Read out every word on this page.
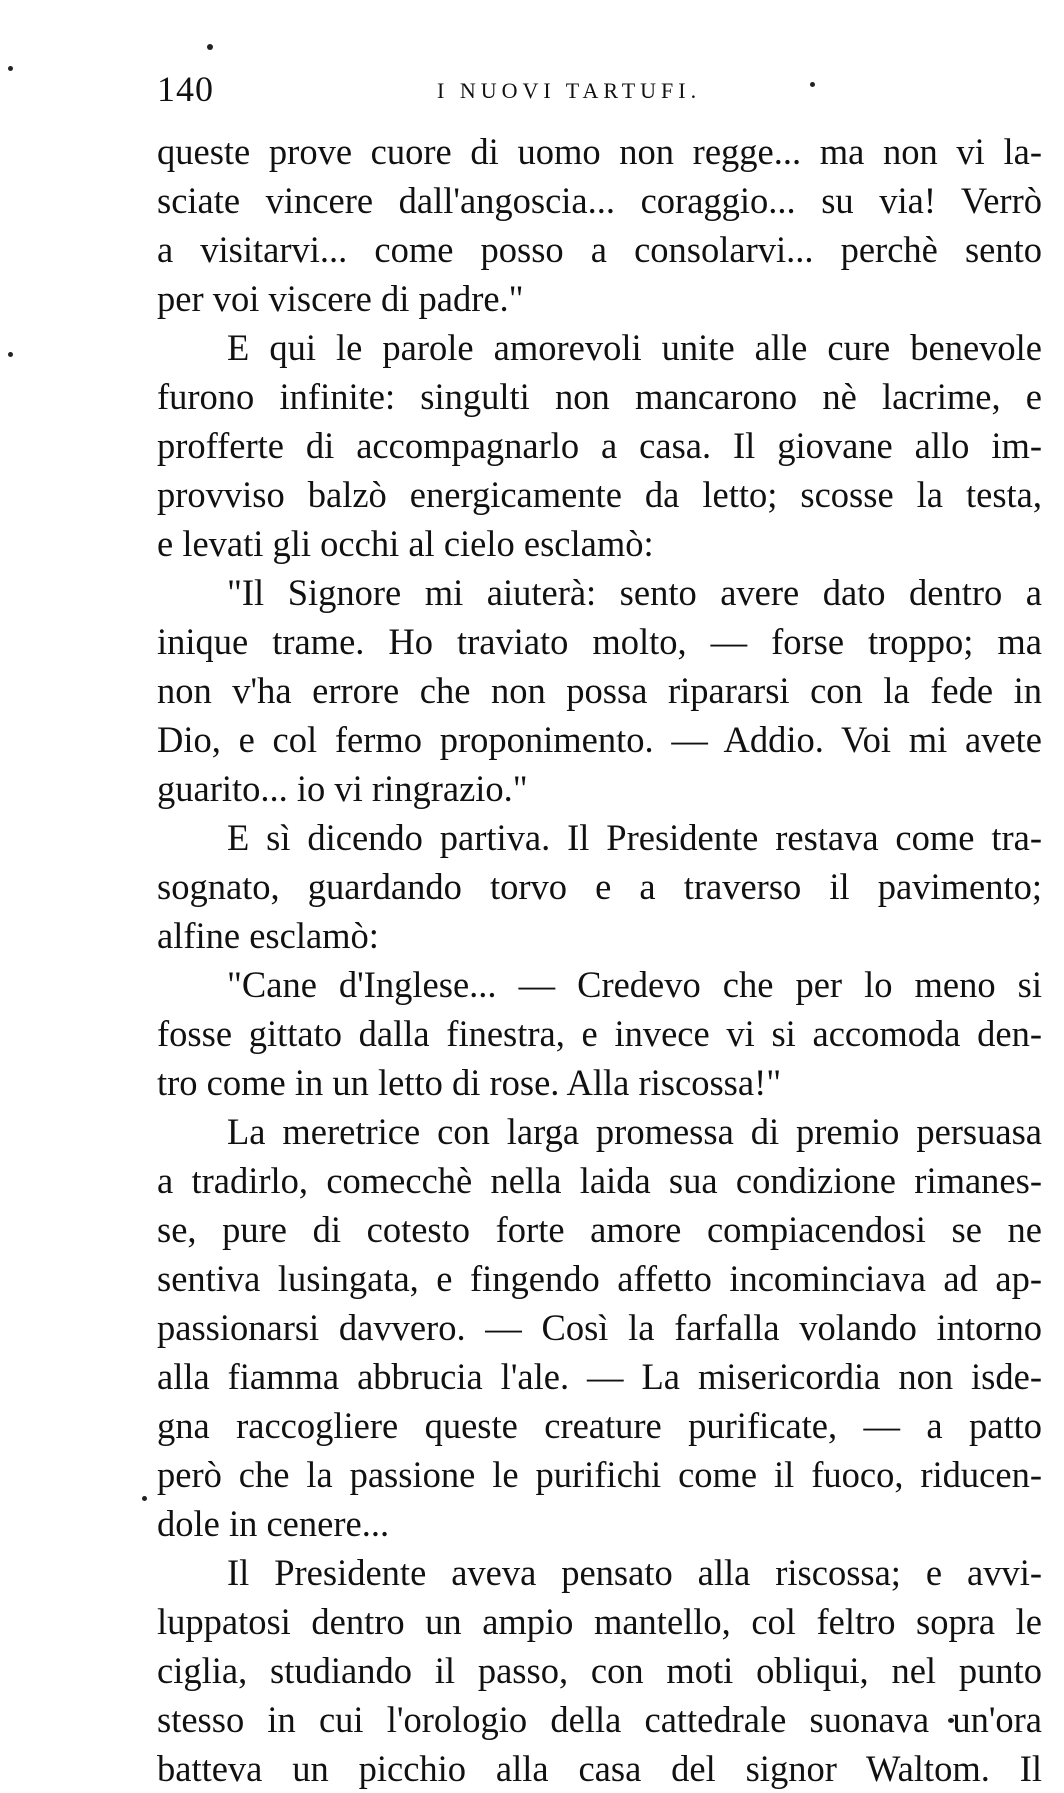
140	I NUOVI TARTUFI.
queste prove cuore di uomo non regge... ma non vi la-
sciate vincere dall'angoscia... coraggio... su via! Verrò
a visitarvi... come posso a consolarvi... perchè sento
per voi viscere di padre."
E qui le parole amorevoli unite alle cure benevole
furono infinite: singulti non mancarono nè lacrime, e
profferte di accompagnarlo a casa. Il giovane allo im-
provviso balzò energicamente da letto; scosse la testa,
e levati gli occhi al cielo esclamò:
"Il Signore mi aiuterà: sento avere dato dentro a
inique trame. Ho traviato molto, — forse troppo; ma
non v'ha errore che non possa ripararsi con la fede in
Dio, e col fermo proponimento. — Addio. Voi mi avete
guarito... io vi ringrazio."
E sì dicendo partiva. Il Presidente restava come tra-
sognato, guardando torvo e a traverso il pavimento;
alfine esclamò:
"Cane d'Inglese... — Credevo che per lo meno si
fosse gittato dalla finestra, e invece vi si accomoda den-
tro come in un letto di rose. Alla riscossa!"
La meretrice con larga promessa di premio persuasa
a tradirlo, comecchè nella laida sua condizione rimanes-
se, pure di cotesto forte amore compiacendosi se ne
sentiva lusingata, e fingendo affetto incominciava ad ap-
passionarsi davvero. — Così la farfalla volando intorno
alla fiamma abbrucia l'ale. — La misericordia non isde-
gna raccogliere queste creature purificate, — a patto
però che la passione le purifichi come il fuoco, riducen-
dole in cenere...
Il Presidente aveva pensato alla riscossa; e avvi-
luppatosi dentro un ampio mantello, col feltro sopra le
ciglia, studiando il passo, con moti obliqui, nel punto
stesso in cui l'orologio della cattedrale suonava un'ora
batteva un picchio alla casa del signor Waltom. Il
